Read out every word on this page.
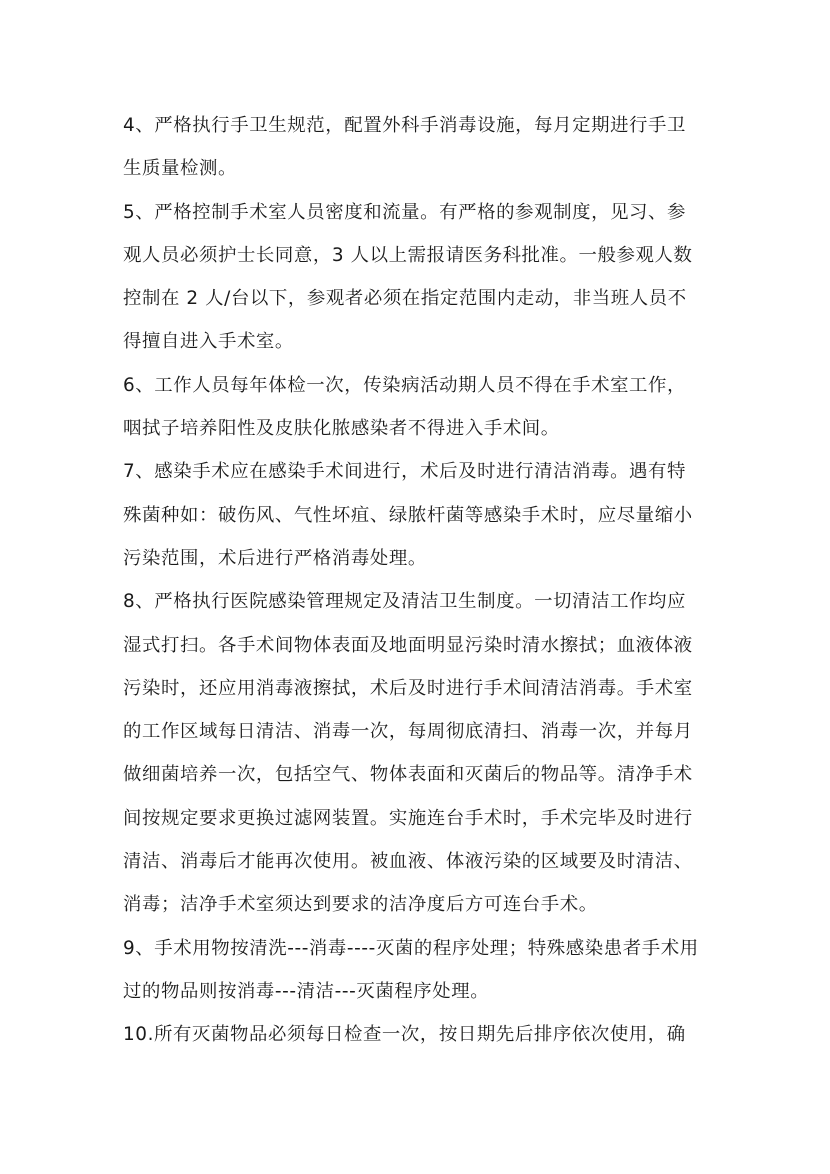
4、严格执行手卫生规范，配置外科手消毒设施，每月定期进行手卫
生质量检测。
5、严格控制手术室人员密度和流量。有严格的参观制度，见习、参
观人员必须护士长同意，3 人以上需报请医务科批准。一般参观人数
控制在 2 人/台以下，参观者必须在指定范围内走动，非当班人员不
得擅自进入手术室。
6、工作人员每年体检一次，传染病活动期人员不得在手术室工作，
咽拭子培养阳性及皮肤化脓感染者不得进入手术间。
7、感染手术应在感染手术间进行，术后及时进行清洁消毒。遇有特
殊菌种如：破伤风、气性坏疽、绿脓杆菌等感染手术时，应尽量缩小
污染范围，术后进行严格消毒处理。
8、严格执行医院感染管理规定及清洁卫生制度。一切清洁工作均应
湿式打扫。各手术间物体表面及地面明显污染时清水擦拭；血液体液
污染时，还应用消毒液擦拭，术后及时进行手术间清洁消毒。手术室
的工作区域每日清洁、消毒一次，每周彻底清扫、消毒一次，并每月
做细菌培养一次，包括空气、物体表面和灭菌后的物品等。清净手术
间按规定要求更换过滤网装置。实施连台手术时，手术完毕及时进行
清洁、消毒后才能再次使用。被血液、体液污染的区域要及时清洁、
消毒；洁净手术室须达到要求的洁净度后方可连台手术。
9、手术用物按清洗---消毒----灭菌的程序处理；特殊感染患者手术用
过的物品则按消毒---清洁---灭菌程序处理。
10.所有灭菌物品必须每日检查一次，按日期先后排序依次使用，确
